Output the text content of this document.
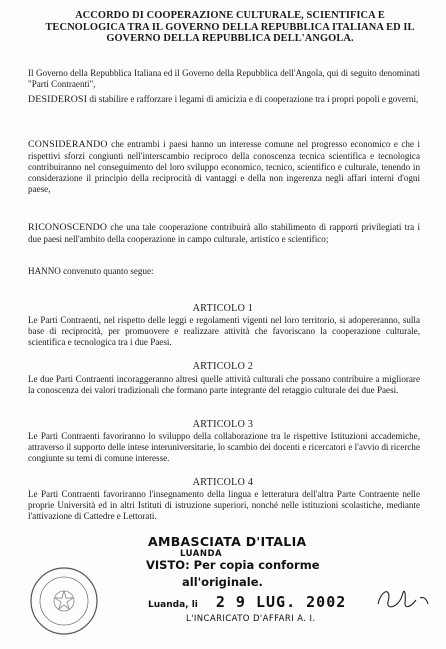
ACCORDO DI COOPERAZIONE CULTURALE, SCIENTIFICA E
TECNOLOGICA TRA IL GOVERNO DELLA REPUBBLICA ITALIANA ED IL
GOVERNO DELLA REPUBBLICA DELL'ANGOLA.
Il Governo della Repubblica Italiana ed il Governo della Repubblica dell'Angola, qui di seguito denominati "Parti Contraenti",
DESIDEROSI di stabilire e rafforzare i legami di amicizia e di cooperazione tra i propri popoli e governi,
CONSIDERANDO che entrambi i paesi hanno un interesse comune nel progresso economico e che i rispettivi sforzi congiunti nell'interscambio reciproco della conoscenza tecnica scientifica e tecnologica contribuiranno nel conseguimento del loro sviluppo economico, tecnico, scientifico e culturale, tenendo in considerazione il principio della reciprocità di vantaggi e della non ingerenza negli affari interni d'ogni paese,
RICONOSCENDO che una tale cooperazione contribuirà allo stabilimento di rapporti privilegiati tra i due paesi nell'ambito della cooperazione in campo culturale, artistico e scientifico;
HANNO convenuto quanto segue:
ARTICOLO 1
Le Parti Contraenti, nel rispetto delle leggi e regolamenti vigenti nel loro territorio, si adopereranno, sulla base di reciprocità, per promuovere e realizzare attività che favoriscano la cooperazione culturale, scientifica e tecnologica tra i due Paesi.
ARTICOLO 2
Le due Parti Contraenti incoraggeranno altresì quelle attività culturali che possano contribuire a migliorare la conoscenza dei valori tradizionali che formano parte integrante del retaggio culturale dei due Paesi.
ARTICOLO 3
Le Parti Contraenti favoriranno lo sviluppo della collaborazione tra le rispettive Istituzioni accademiche, attraverso il supporto delle intese interuniversitarie, lo scambio dei docenti e ricercatori e l'avvio di ricerche congiunte su temi di comune interesse.
ARTICOLO 4
Le Parti Contraenti favoriranno l'insegnamento della lingua e letteratura dell'altra Parte Contraente nelle proprie Università ed in altri Istituti di istruzione superiori, nonché nelle istituzioni scolastiche, mediante l'attivazione di Cattedre e Lettorati.
AMBASCIATA D'ITALIA
LUANDA
VISTO: Per copia conforme
all'originale.
Luanda, li 2 9 LUG. 2002
L'INCARICATO D'AFFARI A. I.
